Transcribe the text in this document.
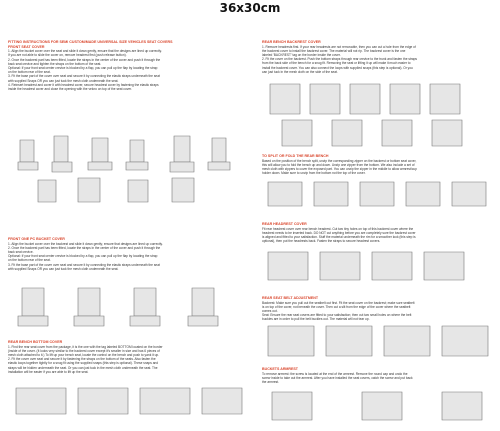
36x30cm
FITTING INSTRUCTIONS FOR SEMI CUSTOM/MADE UNIVERSAL SIZE VEHICLES SEAT COVERS
FRONT SEAT COVER

1. Align the bucket cover over the seat and slide it down gently, ensure that the designs are lined up correctly.

If you are not able to slide the cover on, remove headrest first (push release button).

2. Once the backrest part has been fitted, locate the straps in the center of the cover and push it through the

back seat crevice and tighten the straps on the bottom of the seat.

Optional: If your front seat center crevice is blocked by a flap, you can pull up the flap by locating the strap

on the bottom rear of the seat.

3. Fit the base part of the cover over seat and secure it by connecting the elastic straps underneath the seat

with supplied Snaps OR you can just tuck the mesh cloth underneath the seat.

4. Reinsert headrest and cover it with headrest cover, secure headrest cover by fastening the elastic straps

inside the headrest cover and close the opening with the velcro on top of the seat cover.

FRONT ONE PC BUCKET COVER

1. Align the bucket cover over the backrest and slide it down gently; ensure that designs are lined up correctly.

2. Once the backrest part has been fitted, locate the straps in the center of the cover and push it through the

back seat crevice.

Optional: If your front seat center crevice is blocked by a flap, you can pull up the flap by locating the strap

on the bottom rear of the seat.

3. Fit the base part of the cover over seat and secure it by connecting the elastic straps underneath the seat

with supplied Snaps OR you can just tuck the mesh cloth underneath the seat.

REAR BENCH BOTTOM COVER

1. Find the rear seat cover from the package, it is the one with the tag labeled BOTTOM located on the border

(inside of the cover. (It looks very similar to the backrest cover except it's smaller in size and has 6 pieces of

mesh cloth attached to it.) To lift up your bench seat, locate the control on the bench and push to yank it up.

2. Fit the cover over seat and secure it by fastening the straps on the bottom of the seats. Also fasten the

elastic loops together tightly for a snug fit using the supplied snaps (this step is optional). These snaps and

straps will be hidden underneath the seat. Or you can just tuck in the mesh cloth underneath the seat. The

installation will be easier if you are able to lift up the seat.

REAR BENCH BACKREST COVER

1. Remove headrests first. If your rear headrests are not removable, then you can cut a hole from the edge of

the backrest cover to install the backrest cover. The material will not rip. The backrest cover is the one

labeled 'BACKREST' tag on the border inside the cover.

2. Fit the cover on the backrest. Push the bottom straps through rear crevice to the trunk and fasten the straps

from the back side of the bench for a snug fit. Removing the seat or lifting it up will make it much easier to

install the backrest cover. You can also connect the loops with supplied snaps (this step is optional). Or you

can just tuck in the mesh cloth on the side of the seat.

TO SPLIT OR FOLD THE REAR BENCH

Based on the position of the bench split, unzip the corresponding zipper on the backrest or bottom seat cover,

this will allow you to fold the bench up and down. Unzip one zipper from the bottom. We also include a set of

mesh cloth with zippers to cover the exposed part. You can unzip the zipper in the middle to allow armrest/cup

holder down. Make sure to unzip from the bottom not the top of the cover.

REAR HEADREST COVER

Fit rear headrest cover over rear bench headrest. Cut two tiny holes on top of this backrest cover where the

headrest needs to be inserted back. DO NOT cut anything before you are completely sure the backrest cover

is aligned and fitted to your satisfaction. Stuff the material underneath the rim for a smoother look (this step is

optional), then put the headrests back. Fasten the straps to secure headrest covers.

REAR SEAT BELT ADJUSTMENT

Backrest: Make sure you pull out the seatbelt out first. Fit the seat cover on the backrest; make sure seatbelt

is on top of the cover, not beneath the cover. Then cut a slit from the edge of the cover where the seatbelt

comes out.

Seat: Ensure the rear seat covers are fitted to your satisfaction; then cut two small holes on where the belt

buckles are in order to pull the belt buckles out. The material will not tear up.

BUCKETS ARMREST

To remove armrest: the screw is located at the end of the armrest. Remove the round cap and undo the

screw inside to take out the armrest. After you have installed the seat covers, catch the screw and put back

the armrest.
